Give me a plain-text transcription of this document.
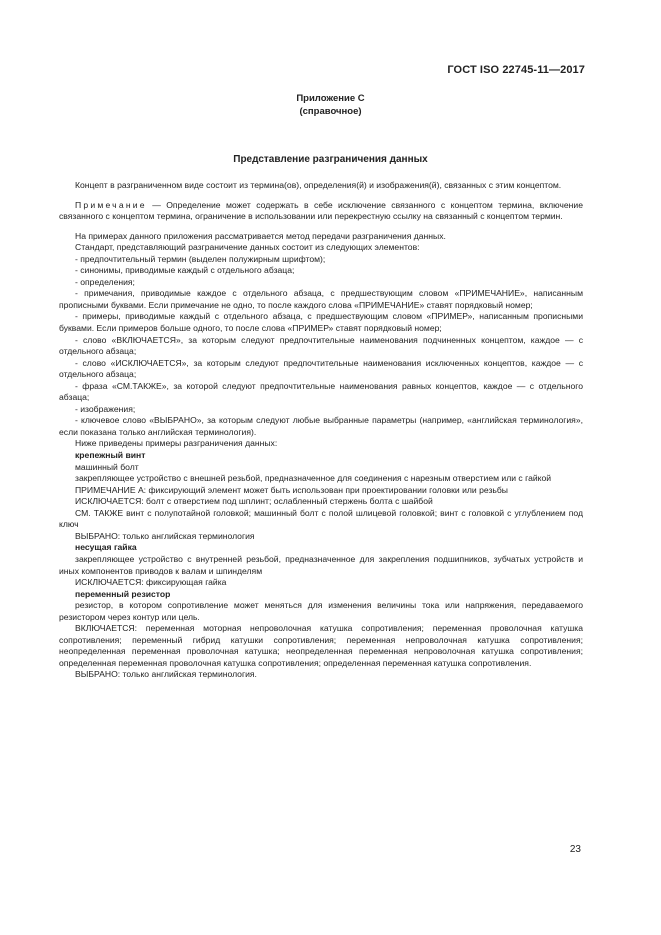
ГОСТ ISO 22745-11—2017
Приложение С
(справочное)
Представление разграничения данных

Концепт в разграниченном виде состоит из термина(ов), определения(й) и изображения(й), связанных с этим концептом.

Примечание — Определение может содержать в себе исключение связанного с концептом термина, включение связанного с концептом термина, ограничение в использовании или перекрестную ссылку на связанный с концептом термин.

На примерах данного приложения рассматривается метод передачи разграничения данных.

Стандарт, представляющий разграничение данных состоит из следующих элементов:

- предпочтительный термин (выделен полужирным шрифтом);

- синонимы, приводимые каждый с отдельного абзаца;

- определения;

- примечания, приводимые каждое с отдельного абзаца, с предшествующим словом «ПРИМЕЧАНИЕ», написанным прописными буквами. Если примечание не одно, то после каждого слова «ПРИМЕЧАНИЕ» ставят порядковый номер;

- примеры, приводимые каждый с отдельного абзаца, с предшествующим словом «ПРИМЕР», написанным прописными буквами. Если примеров больше одного, то после слова «ПРИМЕР» ставят порядковый номер;

- слово «ВКЛЮЧАЕТСЯ», за которым следуют предпочтительные наименования подчиненных концептом, каждое — с отдельного абзаца;

- слово «ИСКЛЮЧАЕТСЯ», за которым следуют предпочтительные наименования исключенных концептов, каждое — с отдельного абзаца;

- фраза «СМ.ТАКЖЕ», за которой следуют предпочтительные наименования равных концептов, каждое — с отдельного абзаца;

- изображения;

- ключевое слово «ВЫБРАНО», за которым следуют любые выбранные параметры (например, «английская терминология», если показана только английская терминология).

Ниже приведены примеры разграничения данных:

крепежный винт

машинный болт

закрепляющее устройство с внешней резьбой, предназначенное для соединения с нарезным отверстием или с гайкой

ПРИМЕЧАНИЕ А: фиксирующий элемент может быть использован при проектировании головки или резьбы

ИСКЛЮЧАЕТСЯ: болт с отверстием под шплинт; ослабленный стержень болта с шайбой

СМ. ТАКЖЕ винт с полупотайной головкой; машинный болт с полой шлицевой головкой; винт с головкой с углублением под ключ

ВЫБРАНО: только английская терминология

несущая гайка

закрепляющее устройство с внутренней резьбой, предназначенное для закрепления подшипников, зубчатых устройств и иных компонентов приводов к валам и шпинделям

ИСКЛЮЧАЕТСЯ: фиксирующая гайка

переменный резистор

резистор, в котором сопротивление может меняться для изменения величины тока или напряжения, передаваемого резистором через контур или цель.

ВКЛЮЧАЕТСЯ: переменная моторная непроволочная катушка сопротивления; переменная проволочная катушка сопротивления; переменный гибрид катушки сопротивления; переменная непроволочная катушка сопротивления; неопределенная переменная проволочная катушка; неопределенная переменная непроволочная катушка сопротивления; определенная переменная проволочная катушка сопротивления; определенная переменная катушка сопротивления.

ВЫБРАНО: только английская терминология.

23
